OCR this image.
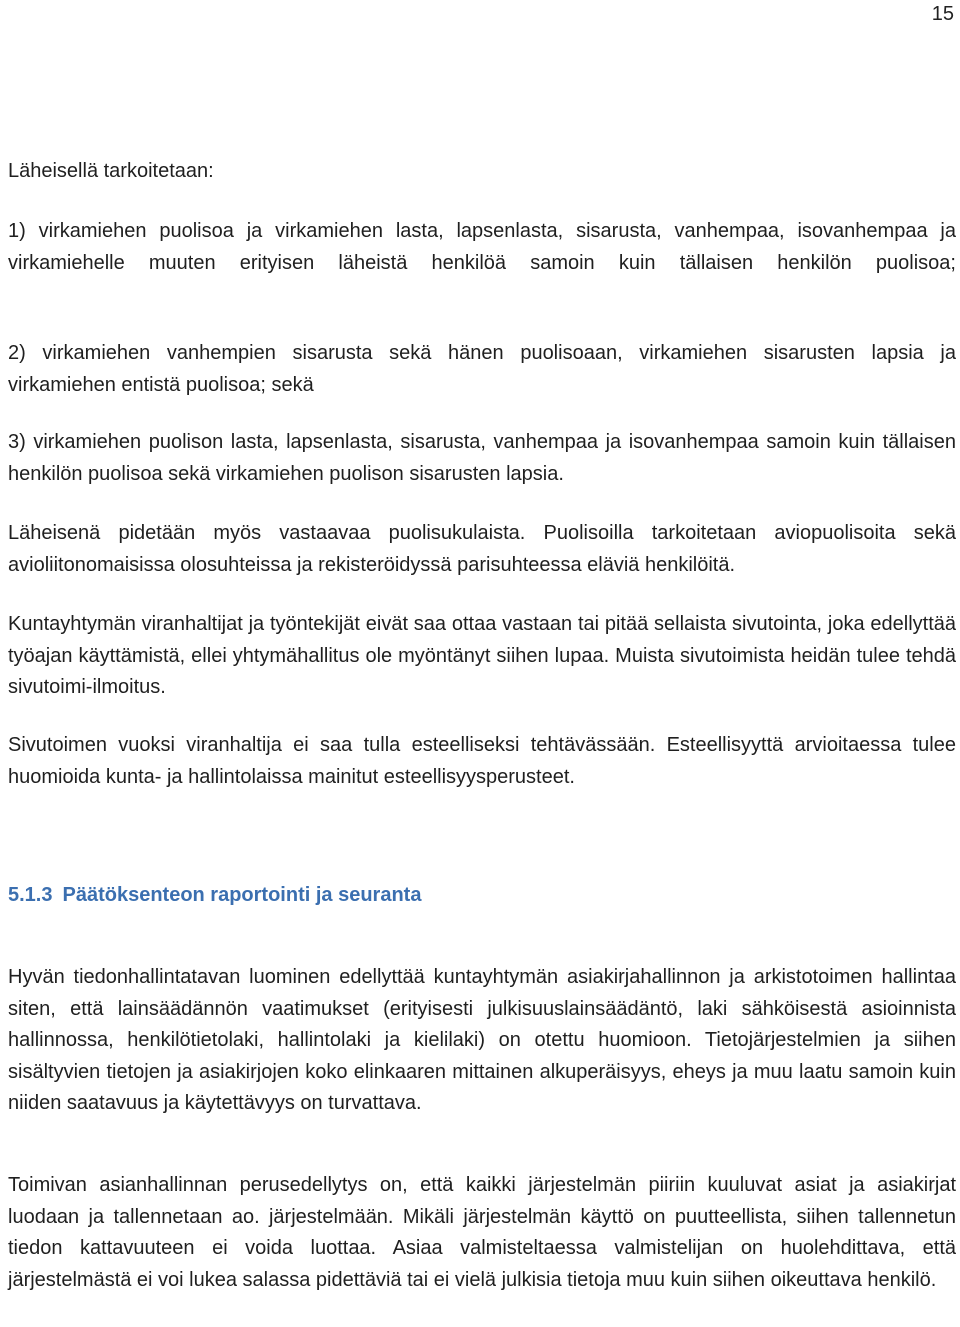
15

Läheisellä tarkoitetaan:

1) virkamiehen puolisoa ja virkamiehen lasta, lapsenlasta, sisarusta, vanhempaa, isovanhempaa ja virkamiehelle muuten erityisen läheistä henkilöä samoin kuin tällaisen henkilön puolisoa;

2) virkamiehen vanhempien sisarusta sekä hänen puolisoaan, virkamiehen sisarusten lapsia ja virkamiehen entistä puolisoa; sekä

3) virkamiehen puolison lasta, lapsenlasta, sisarusta, vanhempaa ja isovanhempaa samoin kuin tällaisen henkilön puolisoa sekä virkamiehen puolison sisarusten lapsia.

Läheisenä pidetään myös vastaavaa puolisukulaista. Puolisoilla tarkoitetaan aviopuolisoita sekä avioliitonomaisissa olosuhteissa ja rekisteröidyssä parisuhteessa eläviä henkilöitä.

Kuntayhtymän viranhaltijat ja työntekijät eivät saa ottaa vastaan tai pitää sellaista sivutointa, joka edellyttää työajan käyttämistä, ellei yhtymähallitus ole myöntänyt siihen lupaa. Muista sivutoimista heidän tulee tehdä sivutoimi-ilmoitus.

Sivutoimen vuoksi viranhaltija ei saa tulla esteelliseksi tehtävässään. Esteellisyyttä arvioitaessa tulee huomioida kunta- ja hallintolaissa mainitut esteellisyysperusteet.

5.1.3 Päätöksenteon raportointi ja seuranta

Hyvän tiedonhallintatavan luominen edellyttää kuntayhtymän asiakirjahallinnon ja arkistotoimen hallintaa siten, että lainsäädännön vaatimukset (erityisesti julkisuuslainsäädäntö, laki sähköisestä asioinnista hallinnossa, henkilötietolaki, hallintolaki ja kielilaki) on otettu huomioon. Tietojärjestelmien ja siihen sisältyvien tietojen ja asiakirjojen koko elinkaaren mittainen alkuperäisyys, eheys ja muu laatu samoin kuin niiden saatavuus ja käytettävyys on turvattava.

Toimivan asianhallinnan perusedellytys on, että kaikki järjestelmän piiriin kuuluvat asiat ja asiakirjat luodaan ja tallennetaan ao. järjestelmään. Mikäli järjestelmän käyttö on puutteellista, siihen tallennetun tiedon kattavuuteen ei voida luottaa. Asiaa valmisteltaessa valmistelijan on huolehdittava, että järjestelmästä ei voi lukea salassa pidettäviä tai ei vielä julkisia tietoja muu kuin siihen oikeuttava henkilö.
